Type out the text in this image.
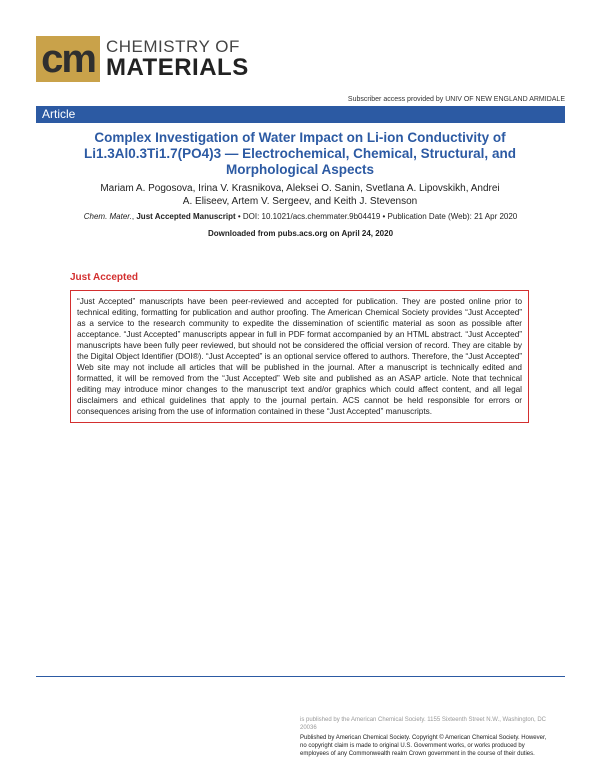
cm CHEMISTRY OF
MATERIALS
Subscriber access provided by UNIV OF NEW ENGLAND ARMIDALE
Article
Complex Investigation of Water Impact on Li-ion Conductivity of Li1.3Al0.3Ti1.7(PO4)3 — Electrochemical, Chemical, Structural, and Morphological Aspects
Mariam A. Pogosova, Irina V. Krasnikova, Aleksei O. Sanin, Svetlana A. Lipovskikh, Andrei A. Eliseev, Artem V. Sergeev, and Keith J. Stevenson
Chem. Mater., Just Accepted Manuscript • DOI: 10.1021/acs.chemmater.9b04419 • Publication Date (Web): 21 Apr 2020
Downloaded from pubs.acs.org on April 24, 2020
Just Accepted
“Just Accepted” manuscripts have been peer-reviewed and accepted for publication. They are posted online prior to technical editing, formatting for publication and author proofing. The American Chemical Society provides “Just Accepted” as a service to the research community to expedite the dissemination of scientific material as soon as possible after acceptance. “Just Accepted” manuscripts appear in full in PDF format accompanied by an HTML abstract. “Just Accepted” manuscripts have been fully peer reviewed, but should not be considered the official version of record. They are citable by the Digital Object Identifier (DOI®). “Just Accepted” is an optional service offered to authors. Therefore, the “Just Accepted” Web site may not include all articles that will be published in the journal. After a manuscript is technically edited and formatted, it will be removed from the “Just Accepted” Web site and published as an ASAP article. Note that technical editing may introduce minor changes to the manuscript text and/or graphics which could affect content, and all legal disclaimers and ethical guidelines that apply to the journal pertain. ACS cannot be held responsible for errors or consequences arising from the use of information contained in these “Just Accepted” manuscripts.
is published by the American Chemical Society. 1155 Sixteenth Street N.W., Washington, DC 20036
Published by American Chemical Society. Copyright © American Chemical Society. However, no copyright claim is made to original U.S. Government works, or works produced by employees of any Commonwealth realm Crown government in the course of their duties.
